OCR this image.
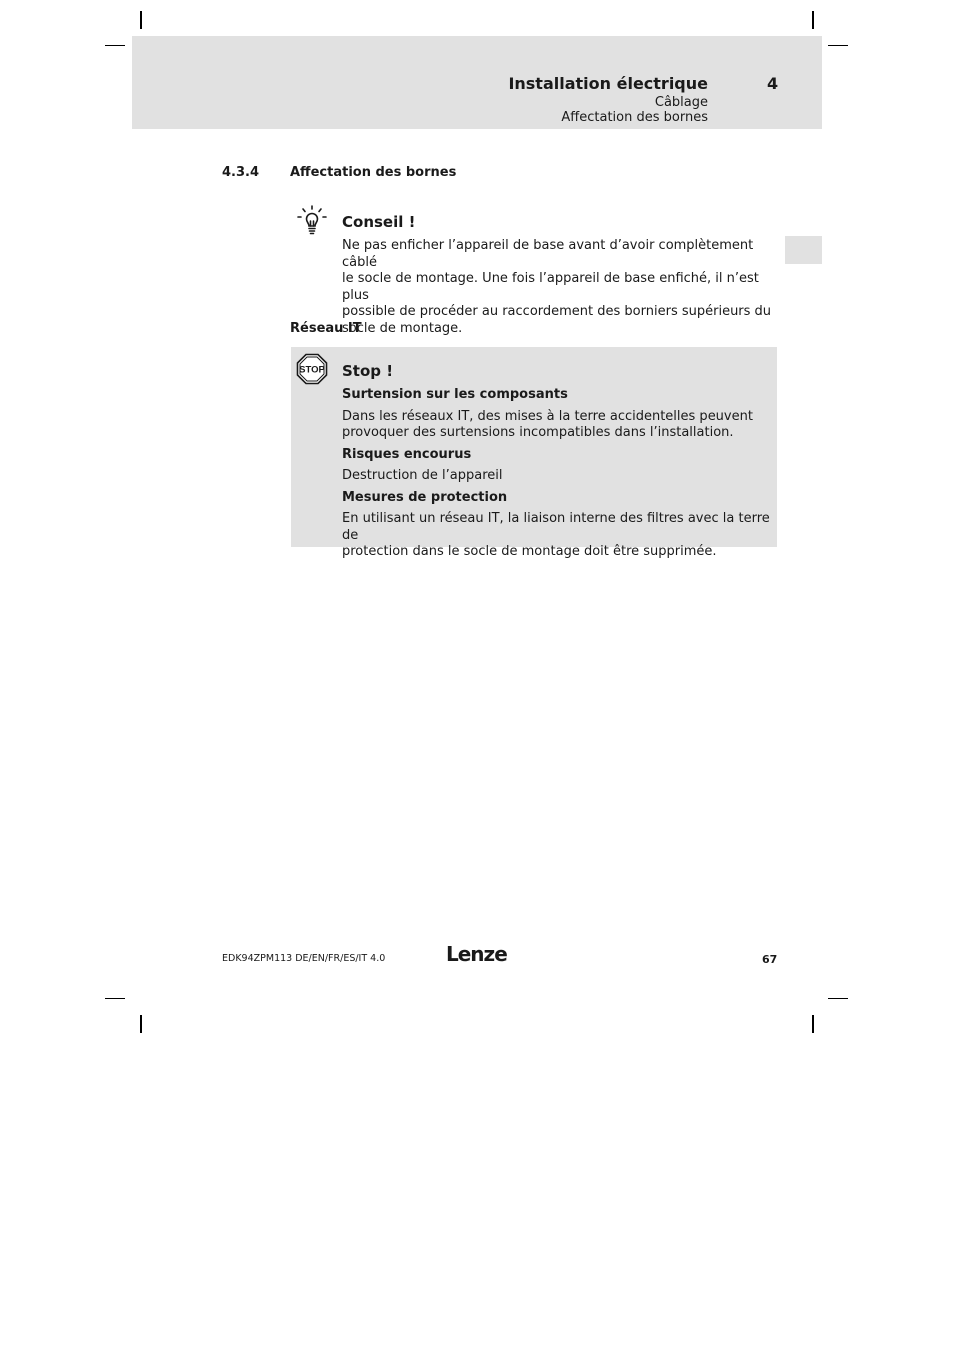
Installation électrique	4
Câblage
Affectation des bornes
4.3.4 Affectation des bornes
Conseil !
Ne pas enficher l’appareil de base avant d’avoir complètement câblé
le socle de montage. Une fois l’appareil de base enfiché, il n’est plus
possible de procéder au raccordement des borniers supérieurs du
socle de montage.
Réseau IT
STOP Stop !

Surtension sur les composants

Dans les réseaux IT, des mises à la terre accidentelles peuvent

provoquer des surtensions incompatibles dans l’installation.

Risques encourus

Destruction de l’appareil

Mesures de protection

En utilisant un réseau IT, la liaison interne des filtres avec la terre de

protection dans le socle de montage doit être supprimée.

EDK94ZPM113 DE/EN/FR/ES/IT 4.0	Lenze	67
